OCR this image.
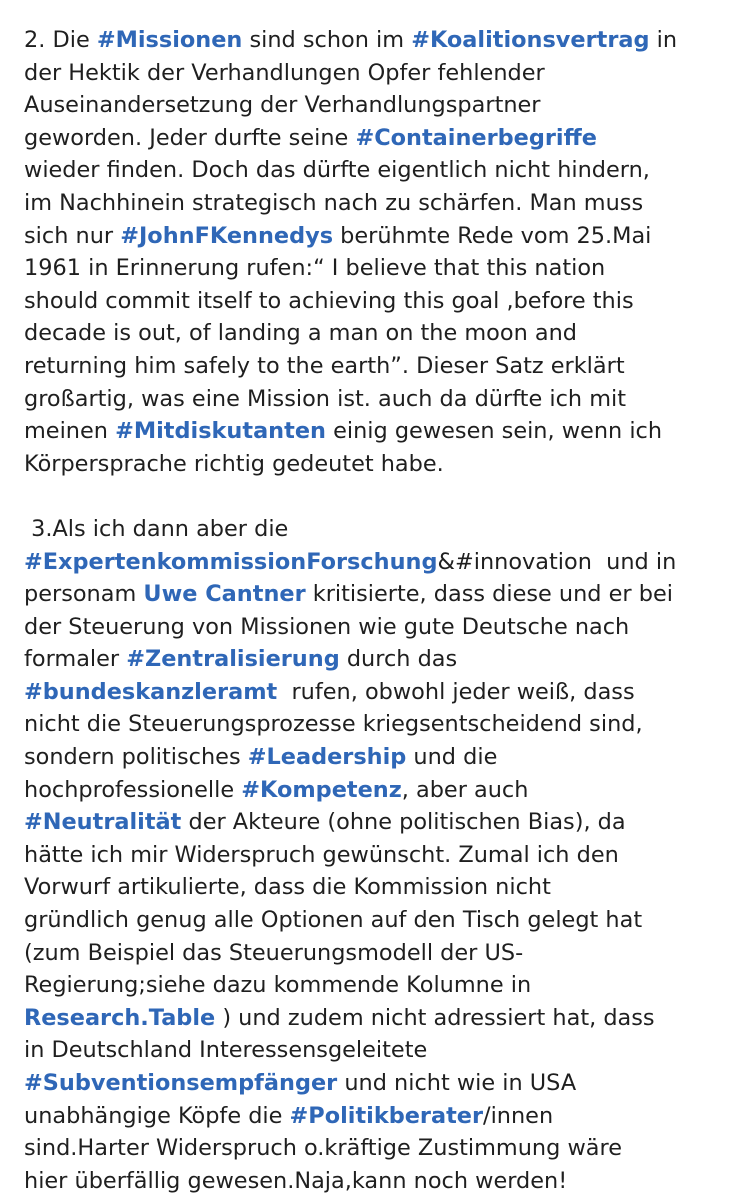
2. Die #Missionen sind schon im #Koalitionsvertrag in
der Hektik der Verhandlungen Opfer fehlender
Auseinandersetzung der Verhandlungspartner
geworden. Jeder durfte seine #Containerbegriffe
wieder finden. Doch das dürfte eigentlich nicht hindern,
im Nachhinein strategisch nach zu schärfen. Man muss
sich nur #JohnFKennedys berühmte Rede vom 25.Mai
1961 in Erinnerung rufen:“ I believe that this nation
should commit itself to achieving this goal ,before this
decade is out, of landing a man on the moon and
returning him safely to the earth”. Dieser Satz erklärt
großartig, was eine Mission ist. auch da dürfte ich mit
meinen #Mitdiskutanten einig gewesen sein, wenn ich
Körpersprache richtig gedeutet habe.
3.Als ich dann aber die
#ExpertenkommissionForschung&#innovation  und in
personam Uwe Cantner kritisierte, dass diese und er bei
der Steuerung von Missionen wie gute Deutsche nach
formaler #Zentralisierung durch das
#bundeskanzleramt  rufen, obwohl jeder weiß, dass
nicht die Steuerungsprozesse kriegsentscheidend sind,
sondern politisches #Leadership und die
hochprofessionelle #Kompetenz, aber auch
#Neutralität der Akteure (ohne politischen Bias), da
hätte ich mir Widerspruch gewünscht. Zumal ich den
Vorwurf artikulierte, dass die Kommission nicht
gründlich genug alle Optionen auf den Tisch gelegt hat
(zum Beispiel das Steuerungsmodell der US-
Regierung;siehe dazu kommende Kolumne in
Research.Table ) und zudem nicht adressiert hat, dass
in Deutschland Interessensgeleitete
#Subventionsempfänger und nicht wie in USA
unabhängige Köpfe die #Politikberater/innen
sind.Harter Widerspruch o.kräftige Zustimmung wäre
hier überfällig gewesen.Naja,kann noch werden!
